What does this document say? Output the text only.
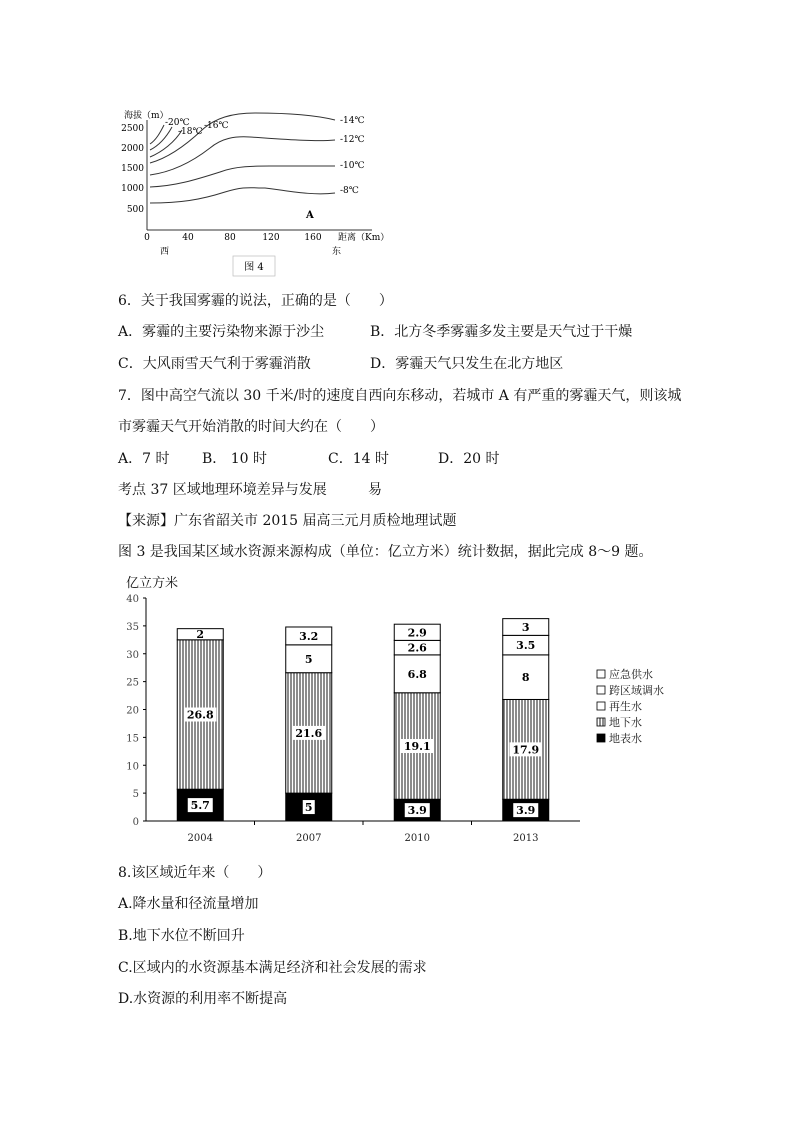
海拔（m）
2500
2000
1500
1000
500
0	40	80	120	160 距离（Km）
西	东
-20℃
-18℃
-16℃	-14℃
-12℃
-10℃
-8℃
A
图 4
6．关于我国雾霾的说法，正确的是（　　）
A．雾霾的主要污染物来源于沙尘	B．北方冬季雾霾多发主要是天气过于干燥
C．大风雨雪天气利于雾霾消散	D．雾霾天气只发生在北方地区
7．图中高空气流以 30 千米/时的速度自西向东移动，若城市 A 有严重的雾霾天气，则该城
市雾霾天气开始消散的时间大约在（　　）
A．7 时 B． 10 时	C．14 时	D．20 时
考点 37 区域地理环境差异与发展	易
【来源】广东省韶关市 2015 届高三元月质检地理试题
图 3 是我国某区域水资源来源构成（单位：亿立方米）统计数据，据此完成 8～9 题。
亿立方米
0
5
10
15
20
25
30
35
40
5.7
26.8
2
2004
5
21.6
5
3.2
2007
3.9
19.1
6.8
2.6
2.9
2010
3.9
17.9
8
3.5
3
2013
应急供水
跨区域调水
再生水
地下水
地表水
8.该区域近年来（　　）
A.降水量和径流量增加
B.地下水位不断回升
C.区域内的水资源基本满足经济和社会发展的需求
D.水资源的利用率不断提高
